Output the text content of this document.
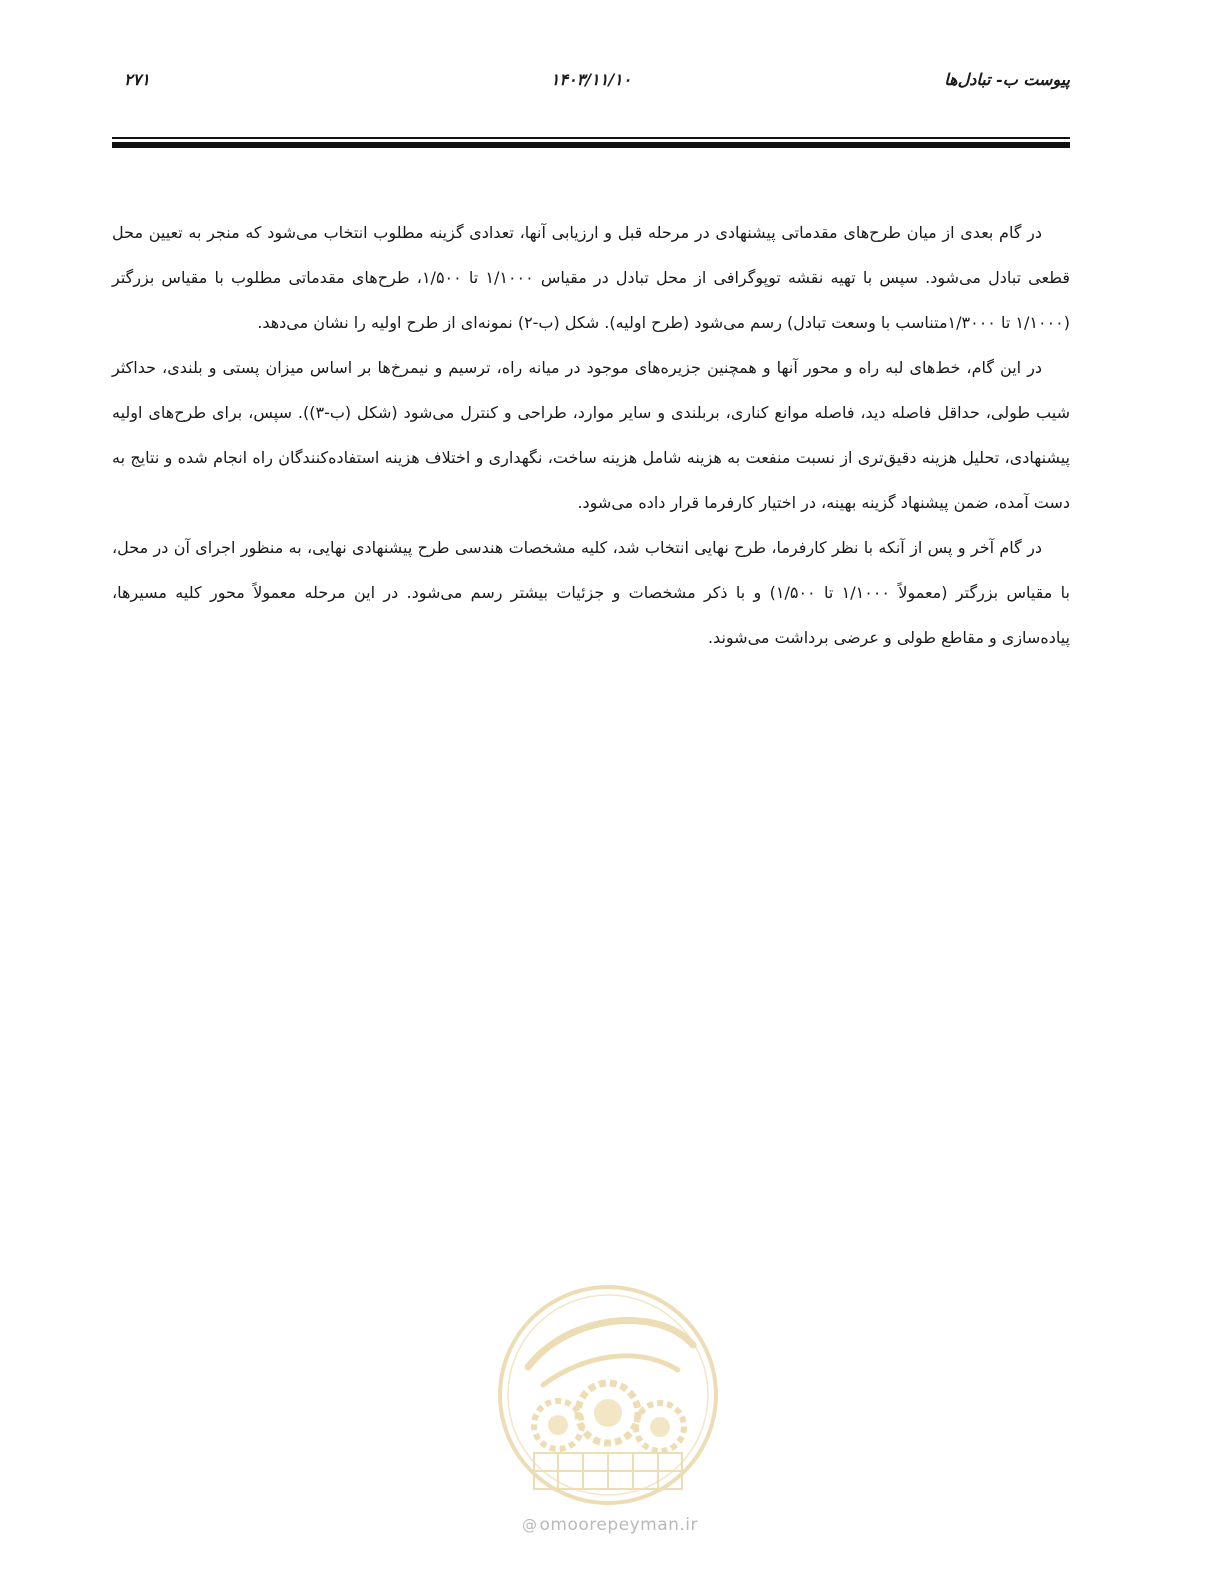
پیوست ب- تبادل‌ها
۱۴۰۳/۱۱/۱۰
۲۷۱

در گام بعدی از میان طرح‌های مقدماتی پیشنهادی در مرحله قبل و ارزیابی آنها، تعدادی گزینه مطلوب انتخاب می‌شود که منجر به تعیین محل قطعی تبادل می‌شود. سپس با تهیه نقشه توپوگرافی از محل تبادل در مقیاس ۱/۱۰۰۰ تا ۱/۵۰۰، طرح‌های مقدماتی مطلوب با مقیاس بزرگتر (۱/۱۰۰۰ تا ۱/۳۰۰۰متناسب با وسعت تبادل) رسم می‌شود (طرح اولیه). شکل (ب-۲) نمونه‌ای از طرح اولیه را نشان می‌دهد.

در این گام، خط‌های لبه راه و محور آنها و همچنین جزیره‌های موجود در میانه راه، ترسیم و نیمرخ‌ها بر اساس میزان پستی و بلندی، حداکثر شیب طولی، حداقل فاصله دید، فاصله موانع کناری، بربلندی و سایر موارد، طراحی و کنترل می‌شود (شکل (ب-۳)). سپس، برای طرح‌های اولیه پیشنهادی، تحلیل هزینه دقیق‌تری از نسبت منفعت به هزینه شامل هزینه ساخت، نگهداری و اختلاف هزینه استفاده‌کنندگان راه انجام شده و نتایج به دست آمده، ضمن پیشنهاد گزینه بهینه، در اختیار کارفرما قرار داده می‌شود.

در گام آخر و پس از آنکه با نظر کارفرما، طرح نهایی انتخاب شد، کلیه مشخصات هندسی طرح پیشنهادی نهایی، به منظور اجرای آن در محل، با مقیاس بزرگتر (معمولاً ۱/۱۰۰۰ تا ۱/۵۰۰) و با ذکر مشخصات و جزئیات بیشتر رسم می‌شود. در این مرحله معمولاً محور کلیه مسیرها، پیاده‌سازی و مقاطع طولی و عرضی برداشت می‌شوند.

@ omoorepeyman.ir
